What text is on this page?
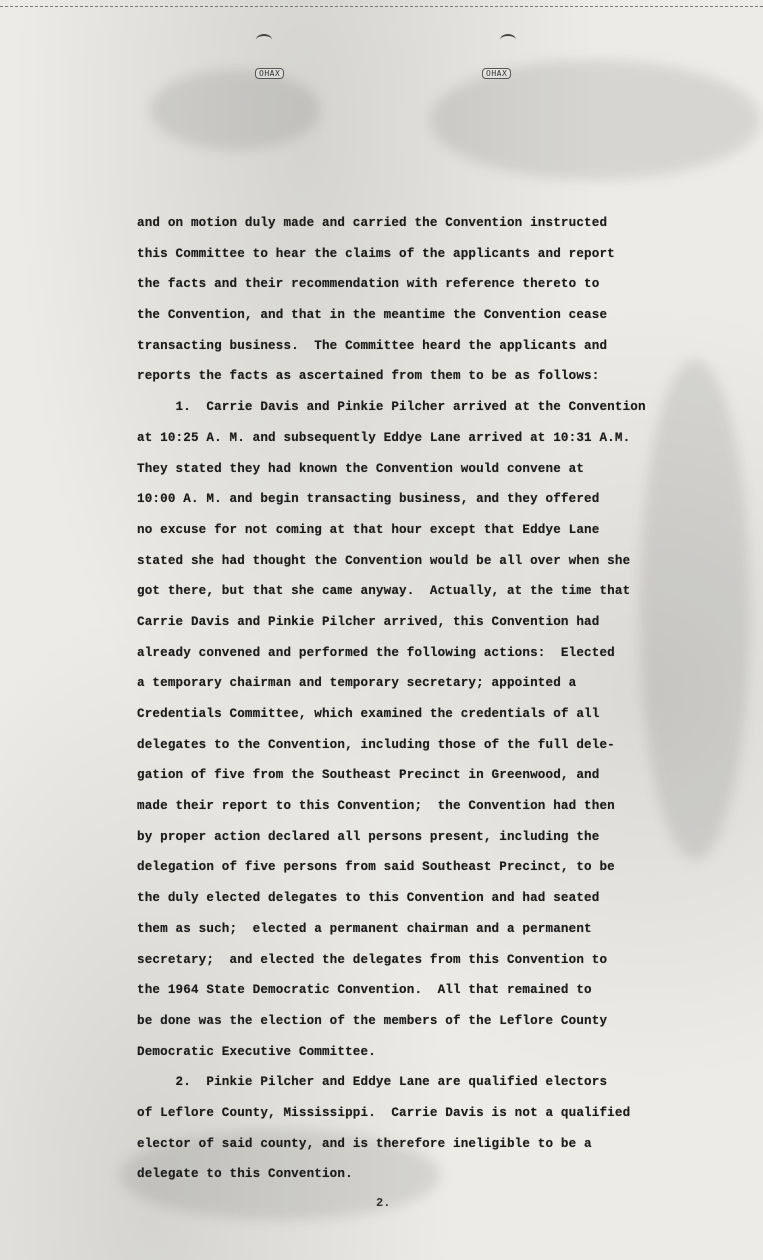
OHAX	OHAX
and on motion duly made and carried the Convention instructed
this Committee to hear the claims of the applicants and report
the facts and their recommendation with reference thereto to
the Convention, and that in the meantime the Convention cease
transacting business.  The Committee heard the applicants and
reports the facts as ascertained from them to be as follows:
1.  Carrie Davis and Pinkie Pilcher arrived at the Convention
at 10:25 A. M. and subsequently Eddye Lane arrived at 10:31 A.M.
They stated they had known the Convention would convene at
10:00 A. M. and begin transacting business, and they offered
no excuse for not coming at that hour except that Eddye Lane
stated she had thought the Convention would be all over when she
got there, but that she came anyway.  Actually, at the time that
Carrie Davis and Pinkie Pilcher arrived, this Convention had
already convened and performed the following actions:  Elected
a temporary chairman and temporary secretary; appointed a
Credentials Committee, which examined the credentials of all
delegates to the Convention, including those of the full dele-
gation of five from the Southeast Precinct in Greenwood, and
made their report to this Convention;  the Convention had then
by proper action declared all persons present, including the
delegation of five persons from said Southeast Precinct, to be
the duly elected delegates to this Convention and had seated
them as such;  elected a permanent chairman and a permanent
secretary;  and elected the delegates from this Convention to
the 1964 State Democratic Convention.  All that remained to
be done was the election of the members of the Leflore County
Democratic Executive Committee.
2.  Pinkie Pilcher and Eddye Lane are qualified electors
of Leflore County, Mississippi.  Carrie Davis is not a qualified
elector of said county, and is therefore ineligible to be a
delegate to this Convention.
2.
